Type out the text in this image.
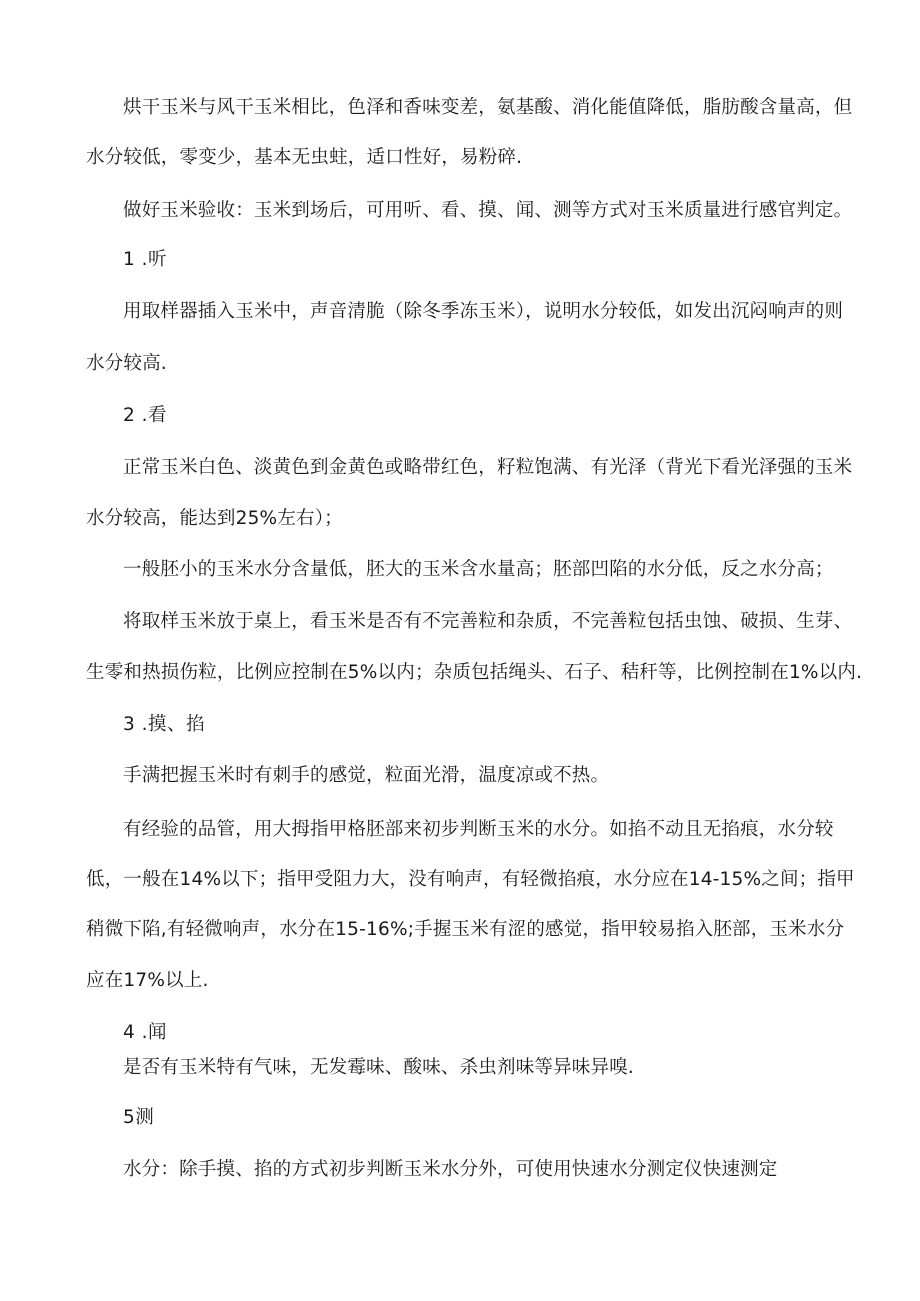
烘干玉米与风干玉米相比，色泽和香味变差，氨基酸、消化能值降低，脂肪酸含量高，但
水分较低，零变少，基本无虫蛀，适口性好，易粉碎.
做好玉米验收：玉米到场后，可用听、看、摸、闻、测等方式对玉米质量进行感官判定。
1 .听
用取样器插入玉米中，声音清脆（除冬季冻玉米），说明水分较低，如发出沉闷响声的则
水分较高.
2 .看
正常玉米白色、淡黄色到金黄色或略带红色，籽粒饱满、有光泽（背光下看光泽强的玉米
水分较高，能达到25%左右）；
一般胚小的玉米水分含量低，胚大的玉米含水量高；胚部凹陷的水分低，反之水分高；
将取样玉米放于桌上，看玉米是否有不完善粒和杂质，不完善粒包括虫蚀、破损、生芽、
生零和热损伤粒，比例应控制在5%以内；杂质包括绳头、石子、秸秆等，比例控制在1%以内.
3 .摸、掐
手满把握玉米时有刺手的感觉，粒面光滑，温度凉或不热。
有经验的品管，用大拇指甲格胚部来初步判断玉米的水分。如掐不动且无掐痕，水分较
低，一般在14%以下；指甲受阻力大，没有响声，有轻微掐痕，水分应在14-15%之间；指甲
稍微下陷,有轻微响声，水分在15-16%;手握玉米有涩的感觉，指甲较易掐入胚部，玉米水分
应在17%以上.
4 .闻
是否有玉米特有气味，无发霉味、酸味、杀虫剂味等异味异嗅.
5测
水分：除手摸、掐的方式初步判断玉米水分外，可使用快速水分测定仪快速测定
